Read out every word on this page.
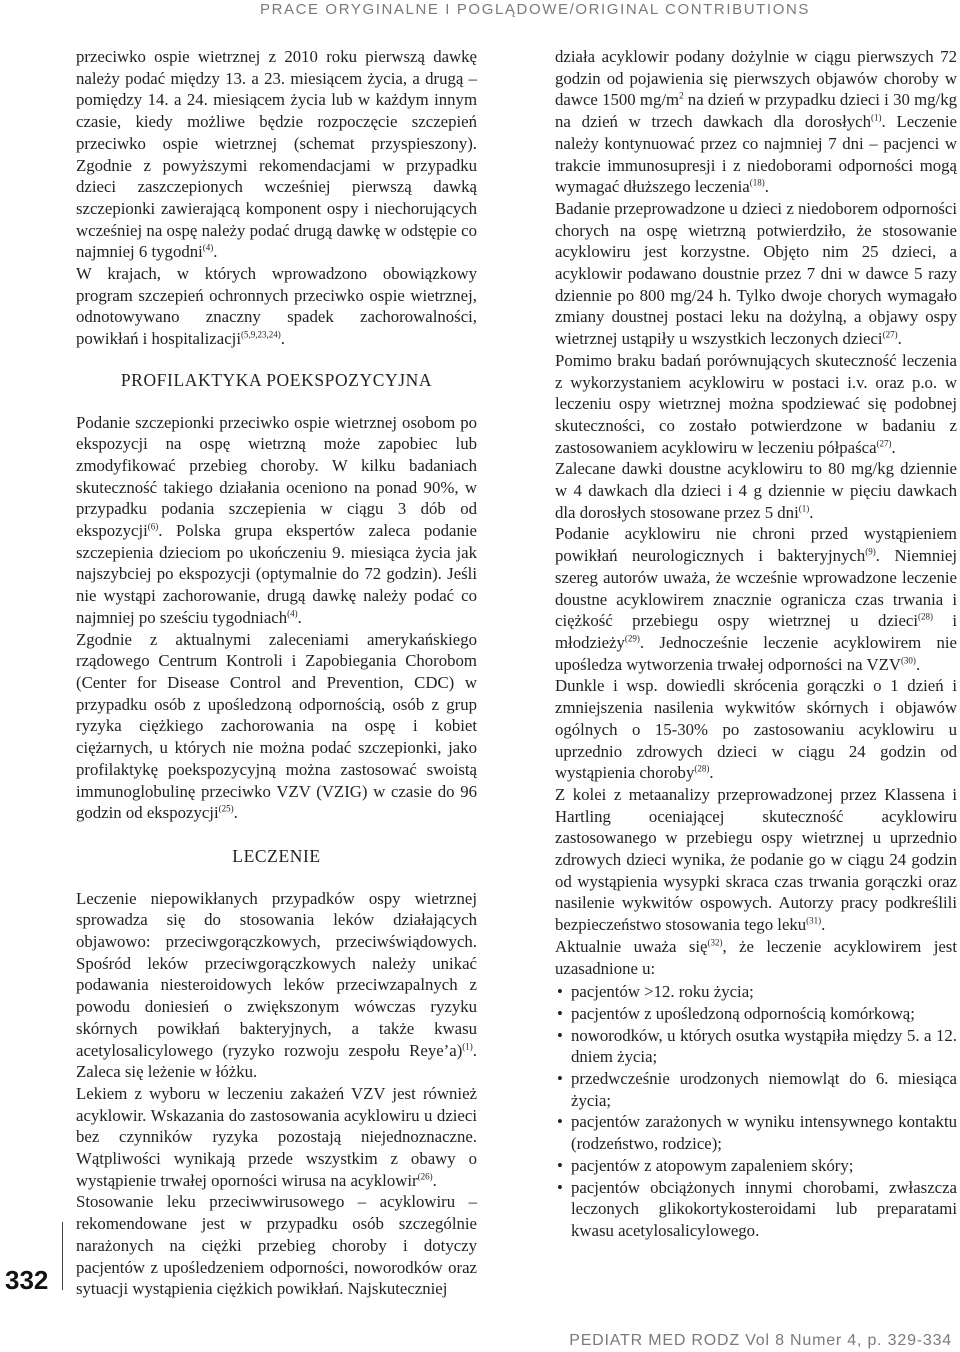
PRACE ORYGINALNE I POGLĄDOWE/ORIGINAL CONTRIBUTIONS

przeciwko ospie wietrznej z 2010 roku pierwszą dawkę należy podać między 13. a 23. miesiącem życia, a drugą – pomiędzy 14. a 24. miesiącem życia lub w każdym innym czasie, kiedy możliwe będzie rozpoczęcie szczepień przeciwko ospie wietrznej (schemat przyspieszony). Zgodnie z powyższymi rekomendacjami w przypadku dzieci zaszczepionych wcześniej pierwszą dawką szczepionki zawierającą komponent ospy i niechorujących wcześniej na ospę należy podać drugą dawkę w odstępie co najmniej 6 tygodni$^{(4)}$.

W krajach, w których wprowadzono obowiązkowy program szczepień ochronnych przeciwko ospie wietrznej, odnotowywano znaczny spadek zachorowalności, powikłań i hospitalizacji$^{(5,9,23,24)}$.

PROFILAKTYKA POEKSPOZYCYJNA

Podanie szczepionki przeciwko ospie wietrznej osobom po ekspozycji na ospę wietrzną może zapobiec lub zmodyfikować przebieg choroby. W kilku badaniach skuteczność takiego działania oceniono na ponad 90%, w przypadku podania szczepienia w ciągu 3 dób od ekspozycji$^{(6)}$. Polska grupa ekspertów zaleca podanie szczepienia dzieciom po ukończeniu 9. miesiąca życia jak najszybciej po ekspozycji (optymalnie do 72 godzin). Jeśli nie wystąpi zachorowanie, drugą dawkę należy podać co najmniej po sześciu tygodniach$^{(4)}$.

Zgodnie z aktualnymi zaleceniami amerykańskiego rządowego Centrum Kontroli i Zapobiegania Chorobom (Center for Disease Control and Prevention, CDC) w przypadku osób z upośledzoną odpornością, osób z grup ryzyka ciężkiego zachorowania na ospę i kobiet ciężarnych, u których nie można podać szczepionki, jako profilaktykę poekspozycyjną można zastosować swoistą immunoglobulinę przeciwko VZV (VZIG) w czasie do 96 godzin od ekspozycji$^{(25)}$.

LECZENIE

Leczenie niepowikłanych przypadków ospy wietrznej sprowadza się do stosowania leków działających objawowo: przeciwgorączkowych, przeciwświądowych. Spośród leków przeciwgorączkowych należy unikać podawania niesteroidowych leków przeciwzapalnych z powodu doniesień o zwiększonym wówczas ryzyku skórnych powikłań bakteryjnych, a także kwasu acetylosalicylowego (ryzyko rozwoju zespołu Reye’a)$^{(1)}$. Zaleca się leżenie w łóżku.

Lekiem z wyboru w leczeniu zakażeń VZV jest również acyklowir. Wskazania do zastosowania acyklowiru u dzieci bez czynników ryzyka pozostają niejednoznaczne. Wątpliwości wynikają przede wszystkim z obawy o wystąpienie trwałej oporności wirusa na acyklowir$^{(26)}$.

Stosowanie leku przeciwwirusowego – acyklowiru – rekomendowane jest w przypadku osób szczególnie narażonych na ciężki przebieg choroby i dotyczy pacjentów z upośledzeniem odporności, noworodków oraz sytuacji wystąpienia ciężkich powikłań. Najskuteczniej

działa acyklowir podany dożylnie w ciągu pierwszych 72 godzin od pojawienia się pierwszych objawów choroby w dawce 1500 $mg/m^2$ na dzień w przypadku dzieci i 30 mg/kg na dzień w trzech dawkach dla dorosłych$^{(1)}$. Leczenie należy kontynuować przez co najmniej 7 dni – pacjenci w trakcie immunosupresji i z niedoborami odporności mogą wymagać dłuższego leczenia$^{(18)}$.

Badanie przeprowadzone u dzieci z niedoborem odporności chorych na ospę wietrzną potwierdziło, że stosowanie acyklowiru jest korzystne. Objęto nim 25 dzieci, a acyklowir podawano doustnie przez 7 dni w dawce 5 razy dziennie po 800 mg/24 h. Tylko dwoje chorych wymagało zmiany doustnej postaci leku na dożylną, a objawy ospy wietrznej ustąpiły u wszystkich leczonych dzieci$^{(27)}$.

Pomimo braku badań porównujących skuteczność leczenia z wykorzystaniem acyklowiru w postaci i.v. oraz p.o. w leczeniu ospy wietrznej można spodziewać się podobnej skuteczności, co zostało potwierdzone w badaniu z zastosowaniem acyklowiru w leczeniu półpaśca$^{(27)}$.

Zalecane dawki doustne acyklowiru to 80 mg/kg dziennie w 4 dawkach dla dzieci i 4 g dziennie w pięciu dawkach dla dorosłych stosowane przez 5 dni$^{(1)}$.

Podanie acyklowiru nie chroni przed wystąpieniem powikłań neurologicznych i bakteryjnych$^{(9)}$. Niemniej szereg autorów uważa, że wcześnie wprowadzone leczenie doustne acyklowirem znacznie ogranicza czas trwania i ciężkość przebiegu ospy wietrznej u dzieci$^{(28)}$ i młodzieży$^{(29)}$. Jednocześnie leczenie acyklowirem nie upośledza wytworzenia trwałej odporności na VZV$^{(30)}$.

Dunkle i wsp. dowiedli skrócenia gorączki o 1 dzień i zmniejszenia nasilenia wykwitów skórnych i objawów ogólnych o 15-30% po zastosowaniu acyklowiru u uprzednio zdrowych dzieci w ciągu 24 godzin od wystąpienia choroby$^{(28)}$.

Z kolei z metaanalizy przeprowadzonej przez Klassena i Hartling oceniającej skuteczność acyklowiru zastosowanego w przebiegu ospy wietrznej u uprzednio zdrowych dzieci wynika, że podanie go w ciągu 24 godzin od wystąpienia wysypki skraca czas trwania gorączki oraz nasilenie wykwitów ospowych. Autorzy pracy podkreślili bezpieczeństwo stosowania tego leku$^{(31)}$.

Aktualnie uważa się$^{(32)}$, że leczenie acyklowirem jest uzasadnione u:

• pacjentów >12. roku życia;
• pacjentów z upośledzoną odpornością komórkową;
• noworodków, u których osutka wystąpiła między 5. a 12. dniem życia;
• przedwcześnie urodzonych niemowląt do 6. miesiąca życia;
• pacjentów zarażonych w wyniku intensywnego kontaktu (rodzeństwo, rodzice);
• pacjentów z atopowym zapaleniem skóry;
• pacjentów obciążonych innymi chorobami, zwłaszcza leczonych glikokortykosteroidami lub preparatami kwasu acetylosalicylowego.
332
PEDIATR MED RODZ Vol 8 Numer 4, p. 329-334
